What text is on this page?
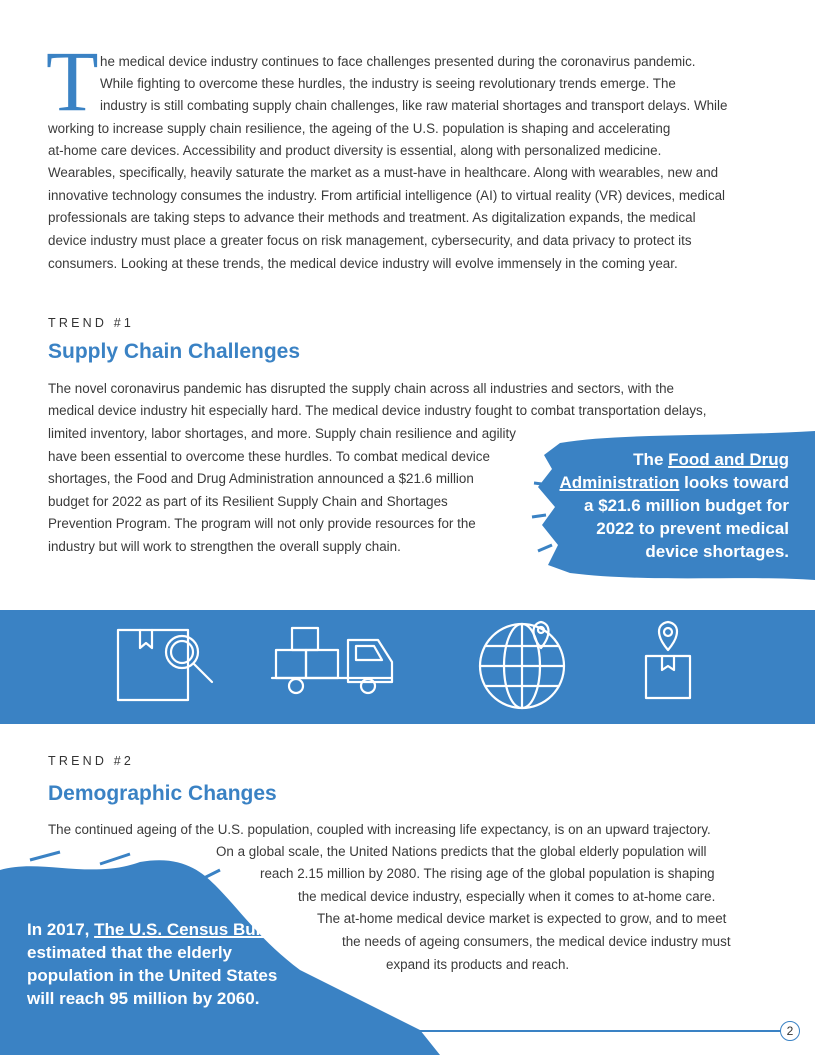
T he medical device industry continues to face challenges presented during the coronavirus pandemic.
While fighting to overcome these hurdles, the industry is seeing revolutionary trends emerge. The
industry is still combating supply chain challenges, like raw material shortages and transport delays. While
working to increase supply chain resilience, the ageing of the U.S. population is shaping and accelerating
at-home care devices. Accessibility and product diversity is essential, along with personalized medicine.
Wearables, specifically, heavily saturate the market as a must-have in healthcare. Along with wearables, new and
innovative technology consumes the industry. From artificial intelligence (AI) to virtual reality (VR) devices, medical
professionals are taking steps to advance their methods and treatment. As digitalization expands, the medical
device industry must place a greater focus on risk management, cybersecurity, and data privacy to protect its
consumers. Looking at these trends, the medical device industry will evolve immensely in the coming year.
TREND #1
Supply Chain Challenges
The novel coronavirus pandemic has disrupted the supply chain across all industries and sectors, with the
medical device industry hit especially hard. The medical device industry fought to combat transportation delays,
limited inventory, labor shortages, and more. Supply chain resilience and agility
have been essential to overcome these hurdles. To combat medical device
shortages, the Food and Drug Administration announced a $21.6 million
budget for 2022 as part of its Resilient Supply Chain and Shortages
Prevention Program. The program will not only provide resources for the
industry but will work to strengthen the overall supply chain.
The Food and Drug
Administration looks toward
a $21.6 million budget for
2022 to prevent medical
device shortages.
TREND #2
Demographic Changes
2
The continued ageing of the U.S. population, coupled with increasing life expectancy, is on an upward trajectory.
On a global scale, the United Nations predicts that the global elderly population will
reach 2.15 million by 2080. The rising age of the global population is shaping
the medical device industry, especially when it comes to at-home care.
The at-home medical device market is expected to grow, and to meet
the needs of ageing consumers, the medical device industry must
expand its products and reach.
In 2017, The U.S. Census Bureau
estimated that the elderly
population in the United States
will reach 95 million by 2060.
